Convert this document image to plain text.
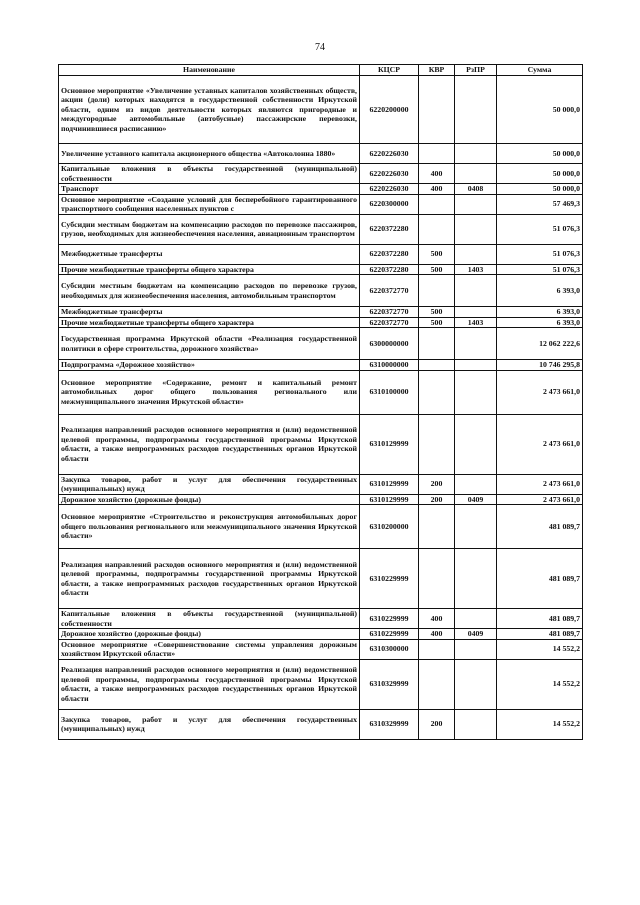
74
Наименование	КЦСР	КВР	РзПР	Сумма
Основное мероприятие «Увеличение уставных капиталов хозяйственных обществ, акции (доли) которых находятся в государственной собственности Иркутской области, одним из видов деятельности которых являются пригородные и междугородные автомобильные (автобусные) пассажирские перевозки, подчинившиеся расписанию»	6220200000			50 000,0
Увеличение уставного капитала акционерного общества «Автоколонна 1880»	6220226030			50 000,0
Капитальные вложения в объекты государственной (муниципальной) собственности	6220226030	400		50 000,0
Транспорт	6220226030	400	0408	50 000,0
Основное мероприятие «Создание условий для бесперебойного гарантированного транспортного сообщения населенных пунктов с	6220300000			57 469,3
Субсидии местным бюджетам на компенсацию расходов по перевозке пассажиров, грузов, необходимых для жизнеобеспечения населения, авиационным транспортом	6220372280			51 076,3
Межбюджетные трансферты	6220372280	500		51 076,3
Прочие межбюджетные трансферты общего характера	6220372280	500	1403	51 076,3
Субсидии местным бюджетам на компенсацию расходов по перевозке грузов, необходимых для жизнеобеспечения населения, автомобильным транспортом	6220372770			6 393,0
Межбюджетные трансферты	6220372770	500		6 393,0
Прочие межбюджетные трансферты общего характера	6220372770	500	1403	6 393,0
Государственная программа Иркутской области «Реализация государственной политики в сфере строительства, дорожного хозяйства»	6300000000			12 062 222,6
Подпрограмма «Дорожное хозяйство»	6310000000			10 746 295,8
Основное мероприятие «Содержание, ремонт и капитальный ремонт автомобильных дорог общего пользования регионального или межмуниципального значения Иркутской области»	6310100000			2 473 661,0
Реализация направлений расходов основного мероприятия и (или) ведомственной целевой программы, подпрограммы государственной программы Иркутской области, а также непрограммных расходов государственных органов Иркутской области	6310129999			2 473 661,0
Закупка товаров, работ и услуг для обеспечения государственных (муниципальных) нужд	6310129999	200		2 473 661,0
Дорожное хозяйство (дорожные фонды)	6310129999	200	0409	2 473 661,0
Основное мероприятие «Строительство и реконструкция автомобильных дорог общего пользования регионального или межмуниципального значения Иркутской области»	6310200000			481 089,7
Реализация направлений расходов основного мероприятия и (или) ведомственной целевой программы, подпрограммы государственной программы Иркутской области, а также непрограммных расходов государственных органов Иркутской области	6310229999			481 089,7
Капитальные вложения в объекты государственной (муниципальной) собственности	6310229999	400		481 089,7
Дорожное хозяйство (дорожные фонды)	6310229999	400	0409	481 089,7
Основное мероприятие «Совершенствование системы управления дорожным хозяйством Иркутской области»	6310300000			14 552,2
Реализация направлений расходов основного мероприятия и (или) ведомственной целевой программы, подпрограммы государственной программы Иркутской области, а также непрограммных расходов государственных органов Иркутской области	6310329999			14 552,2
Закупка товаров, работ и услуг для обеспечения государственных (муниципальных) нужд	6310329999	200		14 552,2
